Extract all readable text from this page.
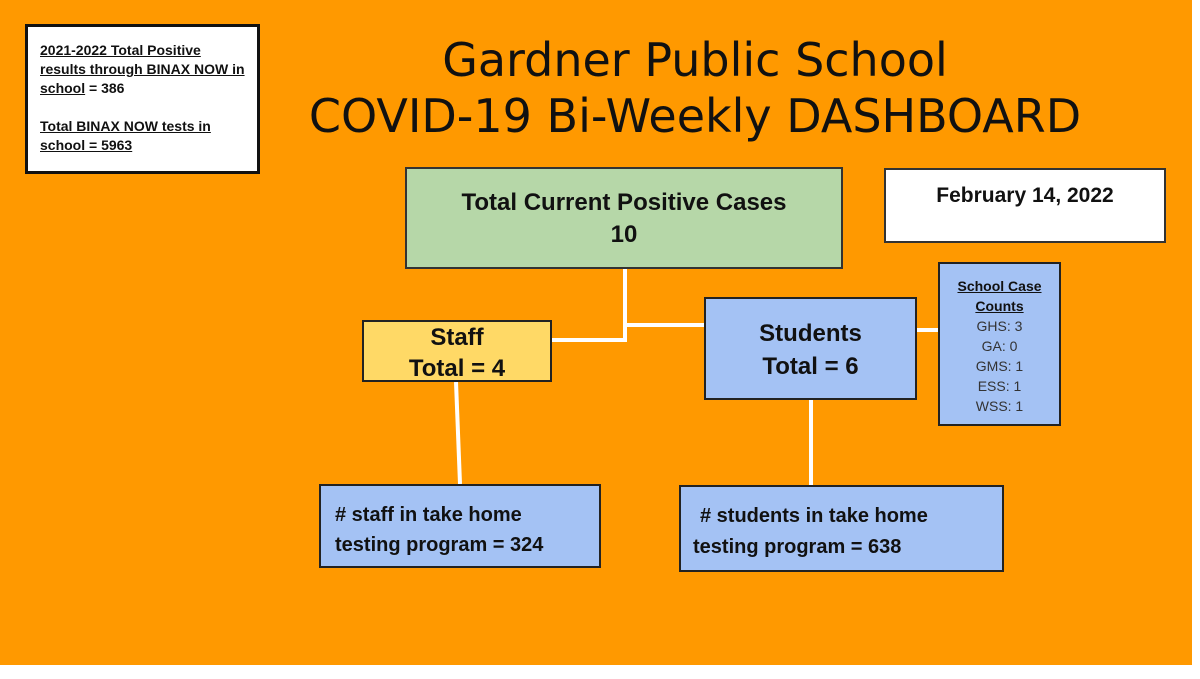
2021-2022 Total Positive results through BINAX NOW in school = 386

Total BINAX NOW tests in school = 5963

Gardner Public School
COVID-19 Bi-Weekly DASHBOARD
Total Current Positive Cases
10
February 14, 2022
Staff
Total = 4
Students
Total = 6
School Case
Counts
GHS: 3
GA: 0
GMS: 1
ESS: 1
WSS: 1
# staff in take home
testing program = 324
# students in take home
testing program = 638
